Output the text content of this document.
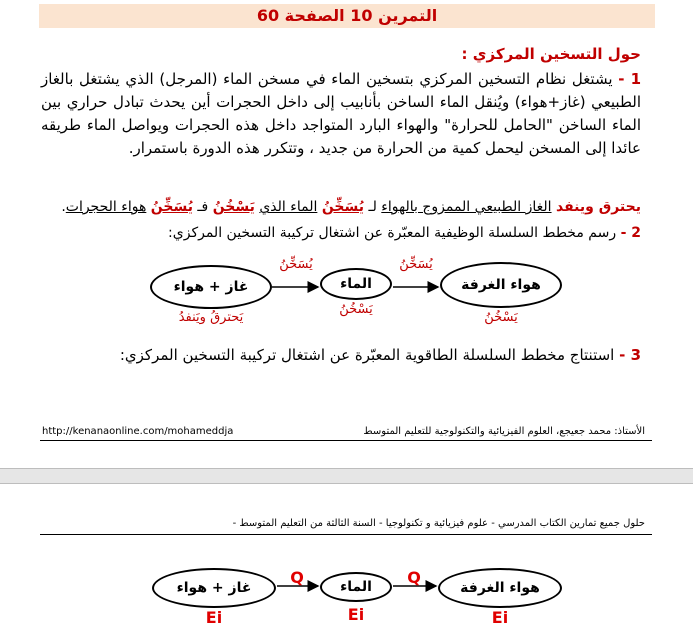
التمرين 10 الصفحة 60
حول التسخين المركزي :
1 - يشتغل نظام التسخين المركزي بتسخين الماء في مسخن الماء (المرجل) الذي يشتغل بالغاز الطبيعي (غاز+هواء) ويُنقل الماء الساخن بأنابيب إلى داخل الحجرات أين يحدث تبادل حراري بين الماء الساخن "الحامل للحرارة" والهواء البارد المتواجد داخل هذه الحجرات ويواصل الماء طريقه عائدا إلى المسخن ليحمل كمية من الحرارة من جديد ، وتتكرر هذه الدورة باستمرار.
يحترق وينفد الغاز الطبيعي الممزوج بالهواء لـ يُسَخِّنُ الماء الذي يَسْخُنُ فـ يُسَخِّنُ هواء الحجرات.
2 - رسم مخطط السلسلة الوظيفية المعبّرة عن اشتغال تركيبة التسخين المركزي:
غاز + هواء	الماء	هواء الغرفة
يُسَخِّنُ	يُسَخِّنُ
يَحترقُ ويَنفدُ
يَسْخُنُ
يَسْخُنُ
3 - استنتاج مخطط السلسلة الطاقوية المعبّرة عن اشتغال تركيبة التسخين المركزي:
http://kenanaonline.com/mohameddja	الأستاذ: محمد جعيجع، العلوم الفيزيائية والتكنولوجية للتعليم المتوسط
حلول جميع تمارين الكتاب المدرسي - علوم فيزيائية و تكنولوجيا - السنة الثالثة من التعليم المتوسط -
غاز + هواء	الماء	هواء الغرفة
Q	Q
Ei	Ei	Ei
